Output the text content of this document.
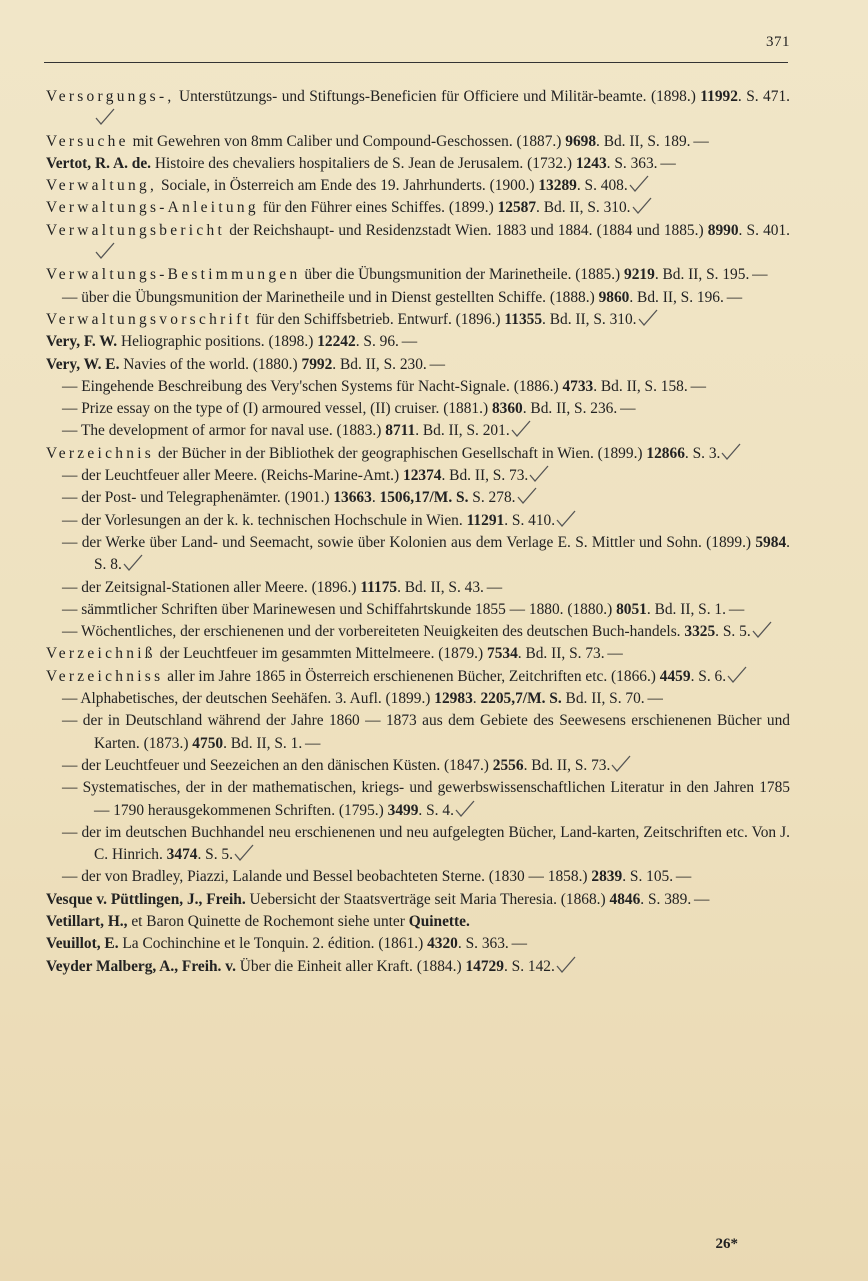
371

Versorgungs-, Unterstützungs- und Stiftungs-Beneficien für Officiere und Militär-beamte. (1898.) 11992. S. 471.

Versuche mit Gewehren von 8mm Caliber und Compound-Geschossen. (1887.) 9698. Bd. II, S. 189. —

Vertot, R. A. de. Histoire des chevaliers hospitaliers de S. Jean de Jerusalem. (1732.) 1243. S. 363. —

Verwaltung, Sociale, in Österreich am Ende des 19. Jahrhunderts. (1900.) 13289. S. 408.

Verwaltungs-Anleitung für den Führer eines Schiffes. (1899.) 12587. Bd. II, S. 310.

Verwaltungsbericht der Reichshaupt- und Residenzstadt Wien. 1883 und 1884. (1884 und 1885.) 8990. S. 401.

Verwaltungs-Bestimmungen über die Übungsmunition der Marinetheile. (1885.) 9219. Bd. II, S. 195. —

— über die Übungsmunition der Marinetheile und in Dienst gestellten Schiffe. (1888.) 9860. Bd. II, S. 196. —

Verwaltungsvorschrift für den Schiffsbetrieb. Entwurf. (1896.) 11355. Bd. II, S. 310.

Very, F. W. Heliographic positions. (1898.) 12242. S. 96. —

Very, W. E. Navies of the world. (1880.) 7992. Bd. II, S. 230. —

— Eingehende Beschreibung des Very'schen Systems für Nacht-Signale. (1886.) 4733. Bd. II, S. 158. —

— Prize essay on the type of (I) armoured vessel, (II) cruiser. (1881.) 8360. Bd. II, S. 236. —

— The development of armor for naval use. (1883.) 8711. Bd. II, S. 201.

Verzeichnis der Bücher in der Bibliothek der geographischen Gesellschaft in Wien. (1899.) 12866. S. 3.

— der Leuchtfeuer aller Meere. (Reichs-Marine-Amt.) 12374. Bd. II, S. 73.

— der Post- und Telegraphenämter. (1901.) 13663. 1506,17/M. S. S. 278.

— der Vorlesungen an der k. k. technischen Hochschule in Wien. 11291. S. 410.

— der Werke über Land- und Seemacht, sowie über Kolonien aus dem Verlage E. S. Mittler und Sohn. (1899.) 5984. S. 8.

— der Zeitsignal-Stationen aller Meere. (1896.) 11175. Bd. II, S. 43. —

— sämmtlicher Schriften über Marinewesen und Schiffahrtskunde 1855 — 1880. (1880.) 8051. Bd. II, S. 1. —

— Wöchentliches, der erschienenen und der vorbereiteten Neuigkeiten des deutschen Buch-handels. 3325. S. 5.

Verzeichniß der Leuchtfeuer im gesammten Mittelmeere. (1879.) 7534. Bd. II, S. 73. —

Verzeichniss aller im Jahre 1865 in Österreich erschienenen Bücher, Zeitchriften etc. (1866.) 4459. S. 6.

— Alphabetisches, der deutschen Seehäfen. 3. Aufl. (1899.) 12983. 2205,7/M. S. Bd. II, S. 70. —

— der in Deutschland während der Jahre 1860 — 1873 aus dem Gebiete des Seewesens erschienenen Bücher und Karten. (1873.) 4750. Bd. II, S. 1. —

— der Leuchtfeuer und Seezeichen an den dänischen Küsten. (1847.) 2556. Bd. II, S. 73.

— Systematisches, der in der mathematischen, kriegs- und gewerbswissenschaftlichen Literatur in den Jahren 1785 — 1790 herausgekommenen Schriften. (1795.) 3499. S. 4.

— der im deutschen Buchhandel neu erschienenen und neu aufgelegten Bücher, Land-karten, Zeitschriften etc. Von J. C. Hinrich. 3474. S. 5.

— der von Bradley, Piazzi, Lalande und Bessel beobachteten Sterne. (1830 — 1858.) 2839. S. 105. —

Vesque v. Püttlingen, J., Freih. Uebersicht der Staatsverträge seit Maria Theresia. (1868.) 4846. S. 389. —

Vetillart, H., et Baron Quinette de Rochemont siehe unter Quinette.

Veuillot, E. La Cochinchine et le Tonquin. 2. édition. (1861.) 4320. S. 363. —

Veyder Malberg, A., Freih. v. Über die Einheit aller Kraft. (1884.) 14729. S. 142.

26*
